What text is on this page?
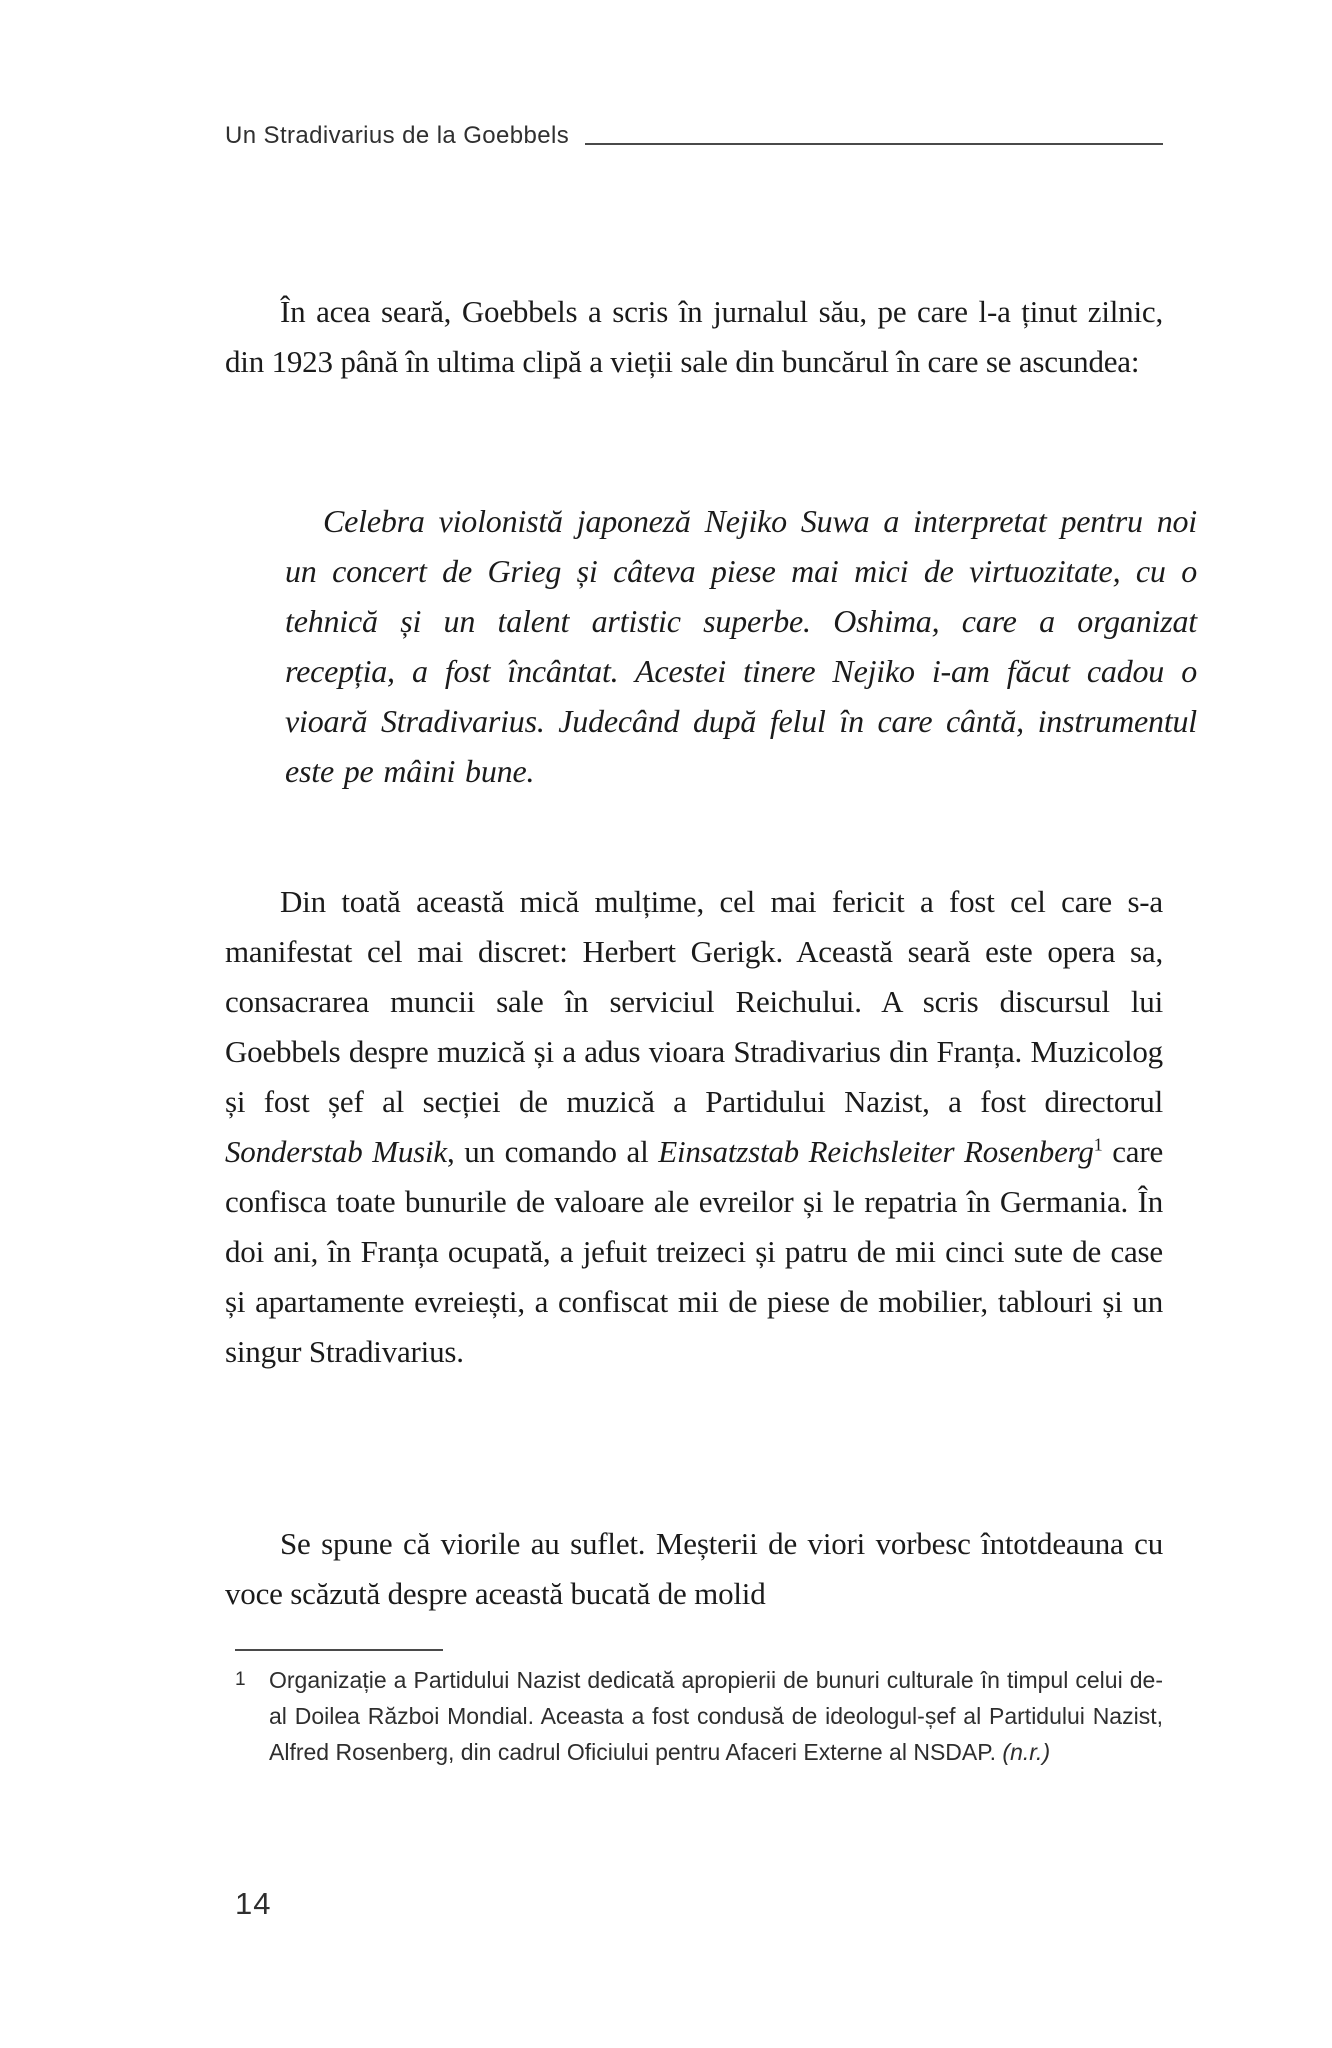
Un Stradivarius de la Goebbels

În acea seară, Goebbels a scris în jurnalul său, pe care l-a ținut zilnic, din 1923 până în ultima clipă a vieții sale din buncărul în care se ascundea:

Celebra violonistă japoneză Nejiko Suwa a interpretat pentru noi un concert de Grieg și câteva piese mai mici de virtuozitate, cu o tehnică și un talent artistic superbe. Oshima, care a organizat recepția, a fost încântat. Acestei tinere Nejiko i-am făcut cadou o vioară Stradivarius. Judecând după felul în care cântă, instrumentul este pe mâini bune.

Din toată această mică mulțime, cel mai fericit a fost cel care s-a manifestat cel mai discret: Herbert Gerigk. Această seară este opera sa, consacrarea muncii sale în serviciul Reichului. A scris discursul lui Goebbels despre muzică și a adus vioara Stradivarius din Franța. Muzicolog și fost șef al secției de muzică a Partidului Nazist, a fost directorul Sonderstab Musik, un comando al Einsatzstab Reichsleiter Rosenberg$^1$ care confisca toate bunurile de valoare ale evreilor și le repatria în Germania. În doi ani, în Franța ocupată, a jefuit treizeci și patru de mii cinci sute de case și apartamente evreiești, a confiscat mii de piese de mobilier, tablouri și un singur Stradivarius.

Se spune că viorile au suflet. Meșterii de viori vorbesc întotdeauna cu voce scăzută despre această bucată de molid

1	Organizație a Partidului Nazist dedicată apropierii de bunuri culturale în timpul celui de-al Doilea Război Mondial. Aceasta a fost condusă de ideologul-șef al Partidului Nazist, Alfred Rosenberg, din cadrul Oficiului pentru Afaceri Externe al NSDAP. (n.r.)
14
